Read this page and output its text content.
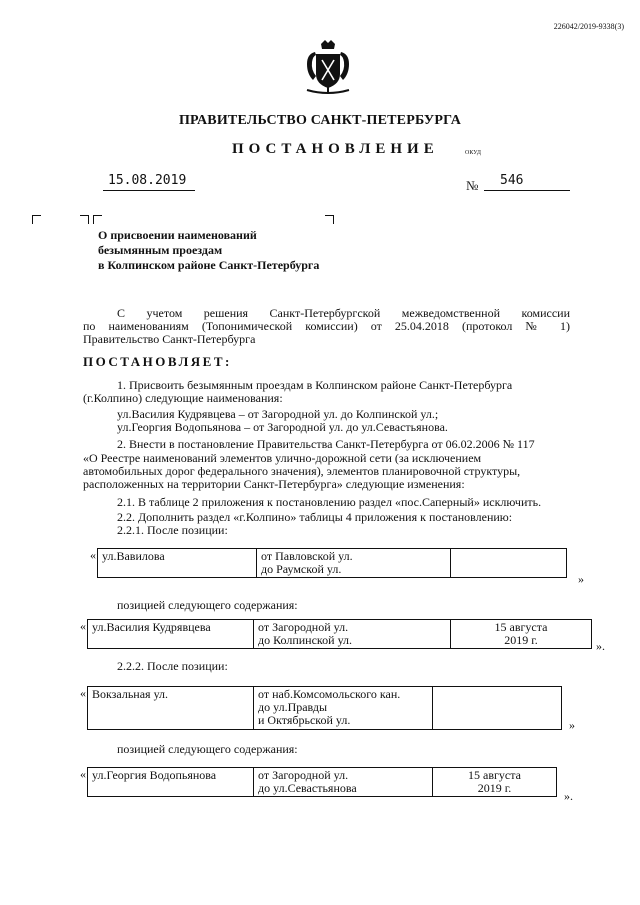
226042/2019-9338(3)
ПРАВИТЕЛЬСТВО САНКТ-ПЕТЕРБУРГА
ПОСТАНОВЛЕНИЕ	ОКУД
15.08.2019	№ 546
О присвоении наименований
безымянным проездам
в Колпинском районе Санкт-Петербурга
С учетом решения Санкт-Петербургской межведомственной комиссии
по наименованиям (Топонимической комиссии) от 25.04.2018 (протокол № 1)
Правительство Санкт-Петербурга
ПОСТАНОВЛЯЕТ:
1. Присвоить безымянным проездам в Колпинском районе Санкт-Петербурга
(г.Колпино) следующие наименования:
ул.Василия Кудрявцева – от Загородной ул. до Колпинской ул.;
ул.Георгия Водопьянова – от Загородной ул. до ул.Севастьянова.
2. Внести в постановление Правительства Санкт-Петербурга от 06.02.2006 № 117
«О Реестре наименований элементов улично-дорожной сети (за исключением
автомобильных дорог федерального значения), элементов планировочной структуры,
расположенных на территории Санкт-Петербурга» следующие изменения:
2.1. В таблице 2 приложения к постановлению раздел «пос.Саперный» исключить.
2.2. Дополнить раздел «г.Колпино» таблицы 4 приложения к постановлению:
2.2.1. После позиции:
« ул.Вавилова	от Павловской ул.
до Раумской ул.

»
позицией следующего содержания:
« ул.Василия Кудрявцева	от Загородной ул.
до Колпинской ул.

15 августа
2019 г.	».
2.2.2. После позиции:
« Вокзальная ул.	от наб.Комсомольского кан.
до ул.Правды
и Октябрьской ул.
		»
позицией следующего содержания:
« ул.Георгия Водопьянова	от Загородной ул.
до ул.Севастьянова

15 августа
2019 г.
».
